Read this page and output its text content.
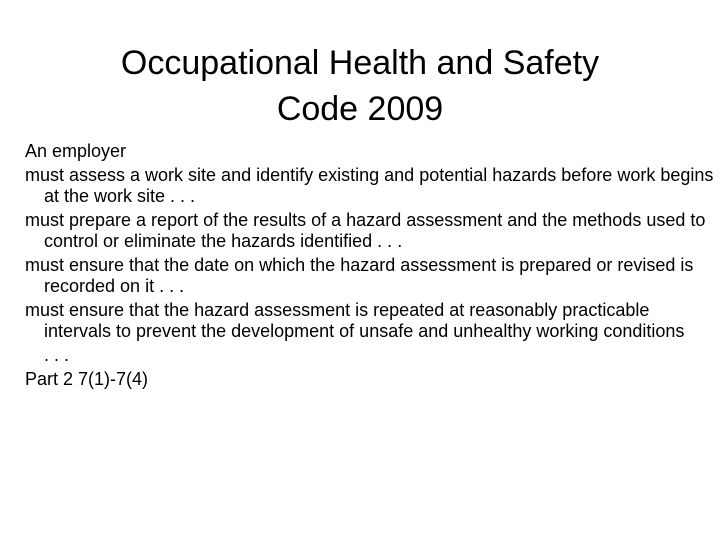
Occupational Health and Safety
Code 2009
An employer
must assess a work site and identify existing and potential hazards before work begins at the work site . . .
must prepare a report of the results of a hazard assessment and the methods used to control or eliminate the hazards identified . . .
must ensure that the date on which the hazard assessment is prepared or revised is recorded on it . . .
must ensure that the hazard assessment is repeated at reasonably practicable intervals to prevent the development of unsafe and unhealthy working conditions
. . .
Part 2 7(1)-7(4)
